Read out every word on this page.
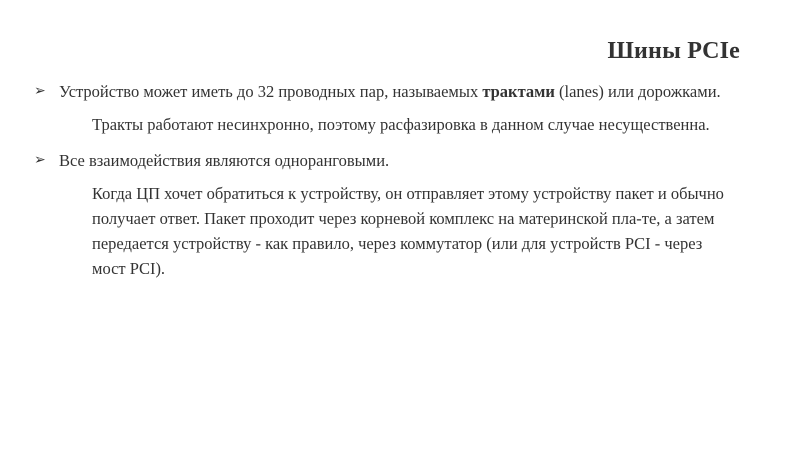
Шины PCIe

➢ Устройство может иметь до 32 проводных пар, называемых трактами (lanes) или дорожками.

Тракты работают несинхронно, поэтому расфазировка в данном случае несущественна.

➢ Все взаимодействия являются одноранговыми.

Когда ЦП хочет обратиться к устройству, он отправляет этому устройству пакет и обычно получает ответ. Пакет проходит через корневой комплекс на материнской пла-те, а затем передается устройству - как правило, через коммутатор (или для устройств PCI - через мост PCI).
